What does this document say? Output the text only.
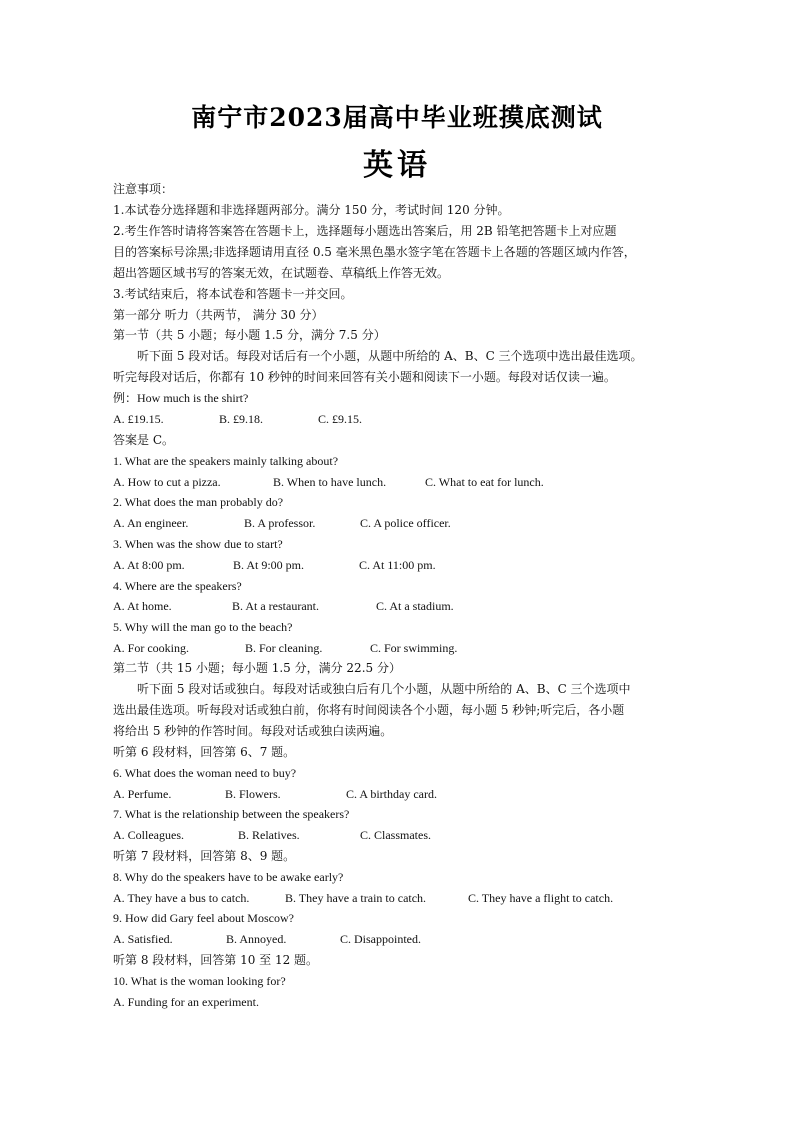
南宁市2023届高中毕业班摸底测试
英语
注意事项：
1.本试卷分选择题和非选择题两部分。满分 150 分，考试时间 120 分钟。
2.考生作答时请将答案答在答题卡上，选择题每小题选出答案后，用 2B 铅笔把答题卡上对应题
目的答案标号涂黑;非选择题请用直径 0.5 毫米黑色墨水签字笔在答题卡上各题的答题区域内作答，
超出答题区域书写的答案无效，在试题卷、草稿纸上作答无效。
3.考试结束后，将本试卷和答题卡一并交回。
第一部分 听力（共两节， 满分 30 分）
第一节（共 5 小题；每小题 1.5 分，满分 7.5 分）
听下面 5 段对话。每段对话后有一个小题，从题中所给的 A、B、C 三个选项中选出最佳选项。
听完每段对话后，你都有 10 秒钟的时间来回答有关小题和阅读下一小题。每段对话仅读一遍。
例：How much is the shirt?
A. £19.15.	B. £9.18.	C. £9.15.
答案是 C。
1. What are the speakers mainly talking about?
A. How to cut a pizza.	B. When to have lunch.	C. What to eat for lunch.
2. What does the man probably do?
A. An engineer.	B. A professor.	C. A police officer.
3. When was the show due to start?
A. At 8:00 pm.	B. At 9:00 pm.	C. At 11:00 pm.
4. Where are the speakers?
A. At home.	B. At a restaurant.	C. At a stadium.
5. Why will the man go to the beach?
A. For cooking.	B. For cleaning.	C. For swimming.
第二节（共 15 小题；每小题 1.5 分，满分 22.5 分）
听下面 5 段对话或独白。每段对话或独白后有几个小题，从题中所给的 A、B、C 三个选项中
选出最佳选项。听每段对话或独白前，你将有时间阅读各个小题，每小题 5 秒钟;听完后，各小题
将给出 5 秒钟的作答时间。每段对话或独白读两遍。
听第 6 段材料，回答第 6、7 题。
6. What does the woman need to buy?
A. Perfume.	B. Flowers.	C. A birthday card.
7. What is the relationship between the speakers?
A. Colleagues.	B. Relatives.	C. Classmates.
听第 7 段材料，回答第 8、9 题。
8. Why do the speakers have to be awake early?
A. They have a bus to catch.	B. They have a train to catch.	C. They have a flight to catch.
9. How did Gary feel about Moscow?
A. Satisfied.	B. Annoyed.	C. Disappointed.
听第 8 段材料，回答第 10 至 12 题。
10. What is the woman looking for?
A. Funding for an experiment.
